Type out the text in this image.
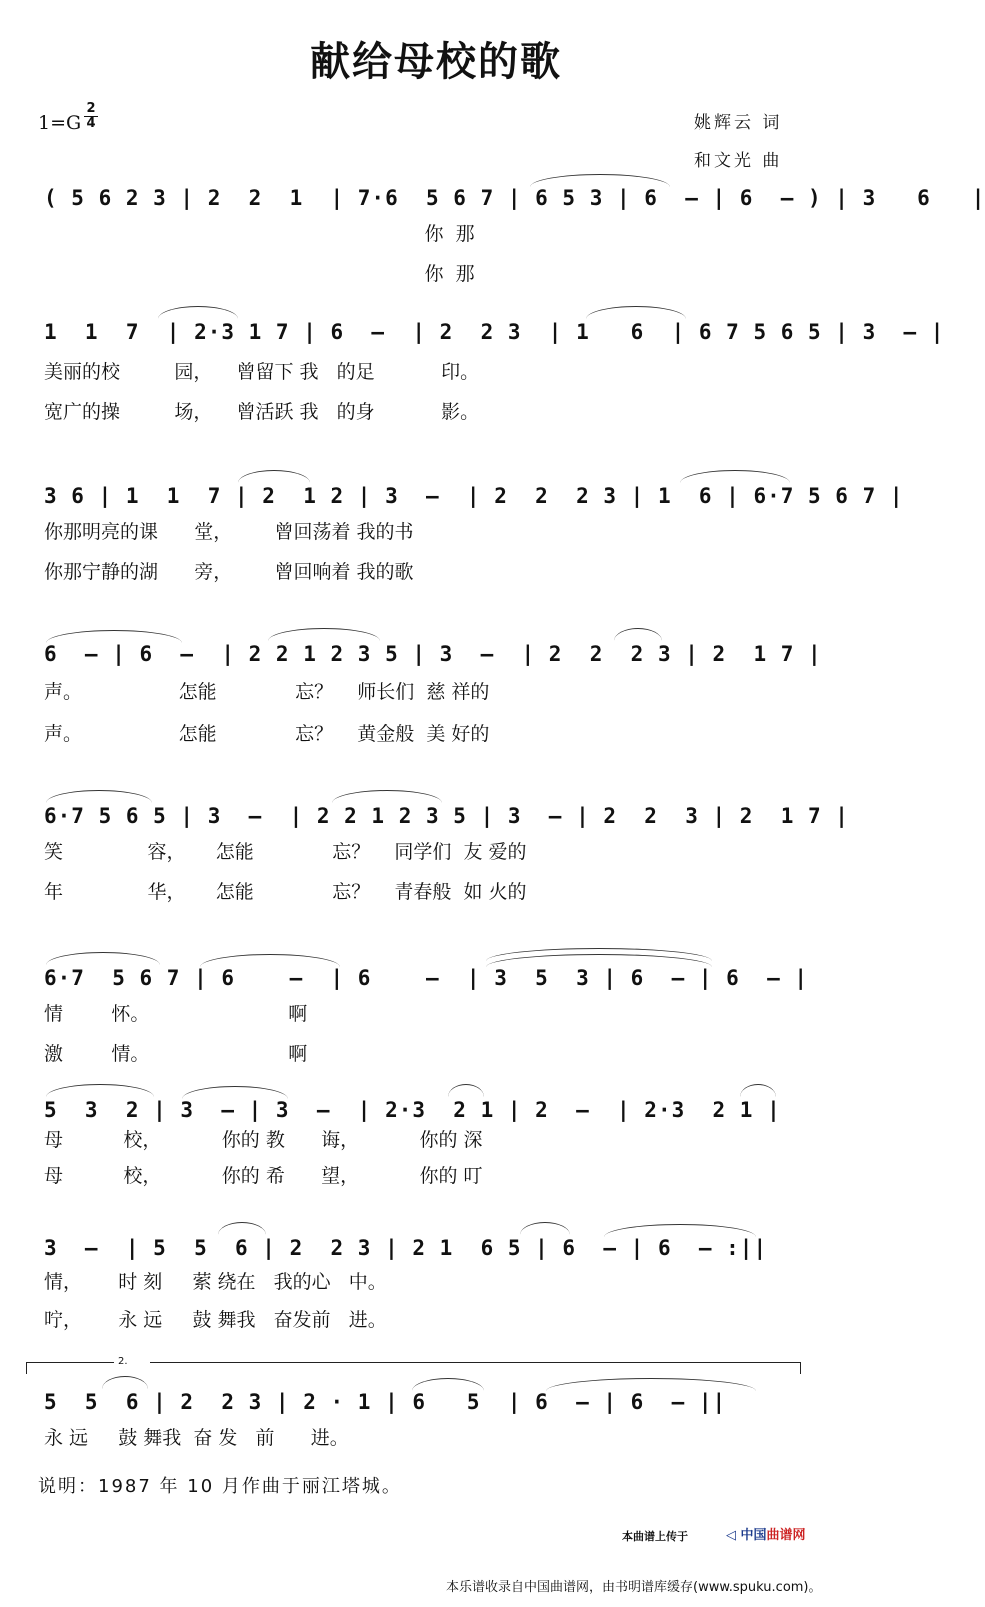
献给母校的歌
1=G
2
4	姚辉云 词
和文光 曲
( 5 6 2 3 | 2  2  1  | 7·6  5 6 7 | 6 5 3 | 6  – | 6  – ) | 3   6   |
你  那
你  那
1  1  7  | 2·3 1 7 | 6  –  | 2  2 3  | 1   6  | 6 7 5 6 5 | 3  – |
美丽的校         园，    曾留下 我   的足           印。
宽广的操         场，    曾活跃 我   的身           影。
3 6 | 1  1  7 | 2  1 2 | 3  –  | 2  2  2 3 | 1  6 | 6·7 5 6 7 |
你那明亮的课      堂，       曾回荡着 我的书
你那宁静的湖      旁，       曾回响着 我的歌
6  – | 6  –  | 2 2 1 2 3 5 | 3  –  | 2  2  2 3 | 2  1 7 |
声。                怎能             忘？    师长们  慈 祥的
声。                怎能             忘？    黄金般  美 好的
6·7 5 6 5 | 3  –  | 2 2 1 2 3 5 | 3  – | 2  2  3 | 2  1 7 |
笑              容，     怎能             忘？    同学们  友 爱的
年              华，     怎能             忘？    青春般  如 火的
6·7  5 6 7 | 6    –  | 6    –  | 3  5  3 | 6  – | 6  – |
情        怀。                       啊
激        情。                       啊
5  3  2 | 3  – | 3  –  | 2·3  2 1 | 2  –  | 2·3  2 1 |
母          校，          你的 教      诲，          你的 深
母          校，          你的 希      望，          你的 叮
3  –  | 5  5  6 | 2  2 3 | 2 1  6 5 | 6  – | 6  – :||
情，      时 刻     萦 绕在   我的心   中。
咛，      永 远     鼓 舞我   奋发前   进。
2.
5  5  6 | 2  2 3 | 2 · 1 | 6   5  | 6  – | 6  – ||
永 远     鼓 舞我  奋 发   前      进。
说明：1987 年 10 月作曲于丽江塔城。
本曲谱上传于	◁ 中国曲谱网
本乐谱收录自中国曲谱网，由书明谱库缓存(www.spuku.com)。
